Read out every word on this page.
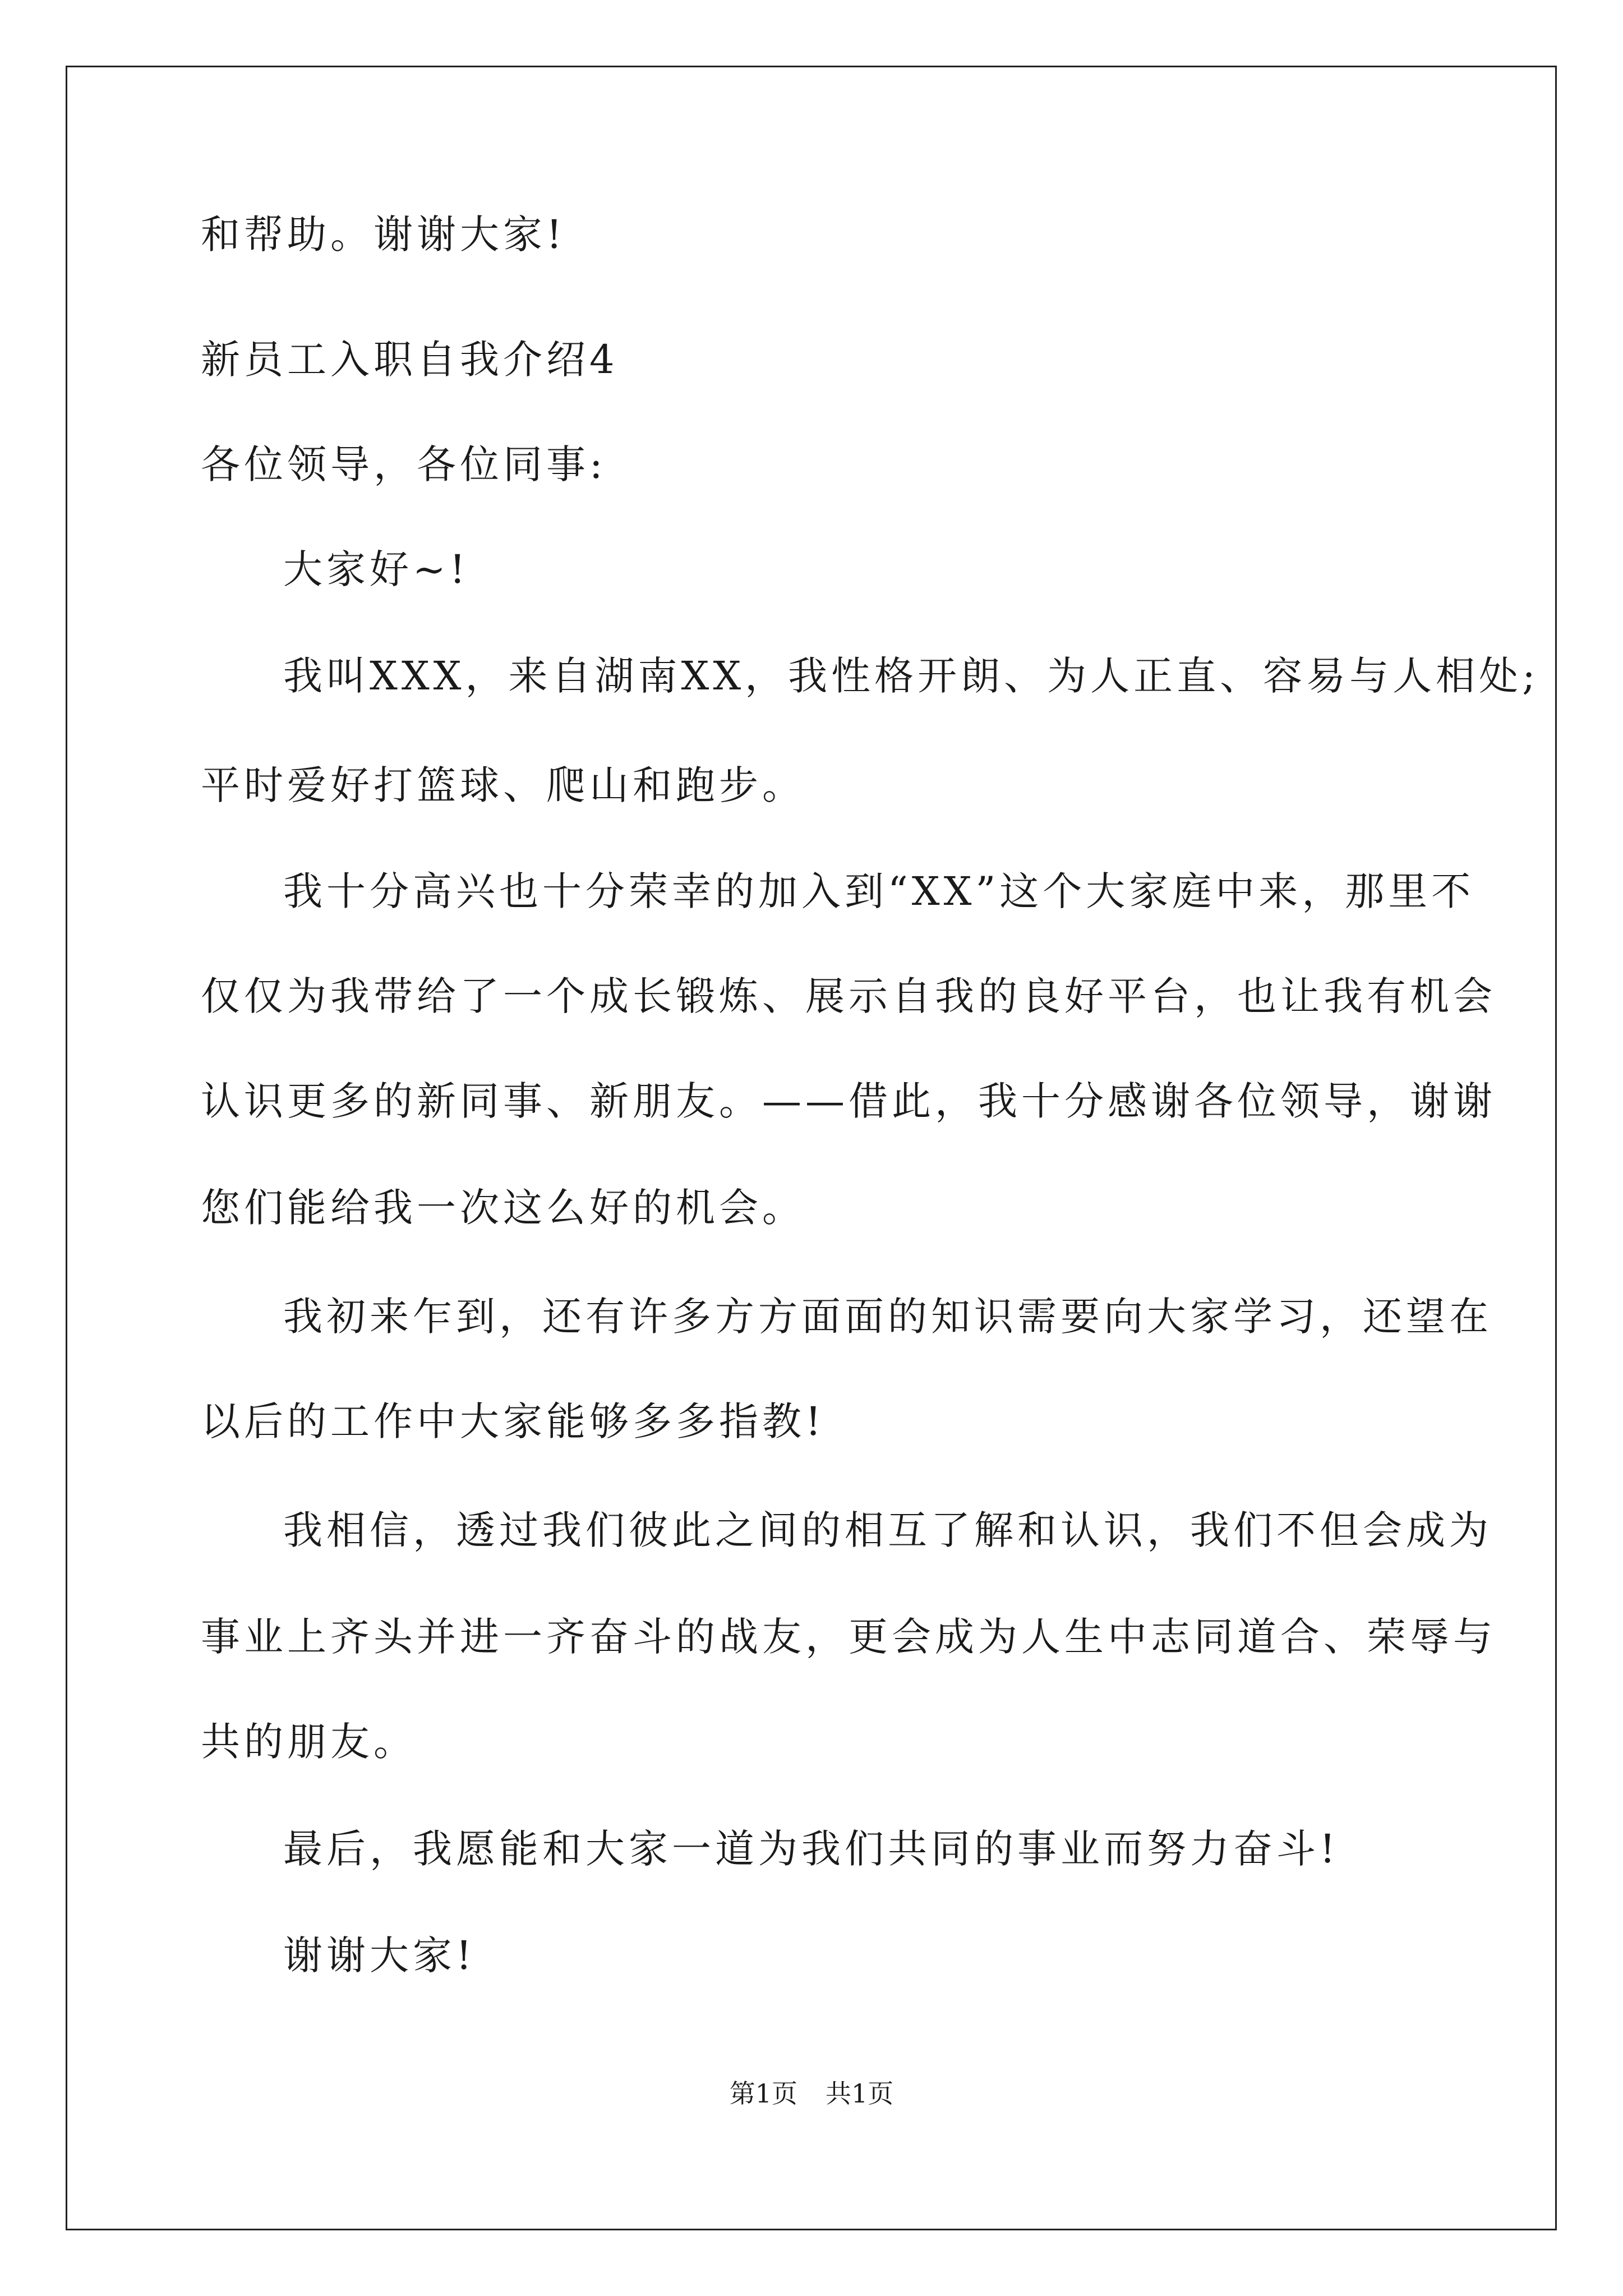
和帮助。谢谢大家!
新员工入职自我介绍4
各位领导，各位同事:
大家好~!
我叫XXX，来自湖南XX，我性格开朗、为人正直、容易与人相处;
平时爱好打篮球、爬山和跑步。
我十分高兴也十分荣幸的加入到“XX”这个大家庭中来，那里不
仅仅为我带给了一个成长锻炼、展示自我的良好平台，也让我有机会
认识更多的新同事、新朋友。——借此，我十分感谢各位领导，谢谢
您们能给我一次这么好的机会。
我初来乍到，还有许多方方面面的知识需要向大家学习，还望在
以后的工作中大家能够多多指教!
我相信，透过我们彼此之间的相互了解和认识，我们不但会成为
事业上齐头并进一齐奋斗的战友，更会成为人生中志同道合、荣辱与
共的朋友。
最后，我愿能和大家一道为我们共同的事业而努力奋斗!
谢谢大家!
第1页 共1页
